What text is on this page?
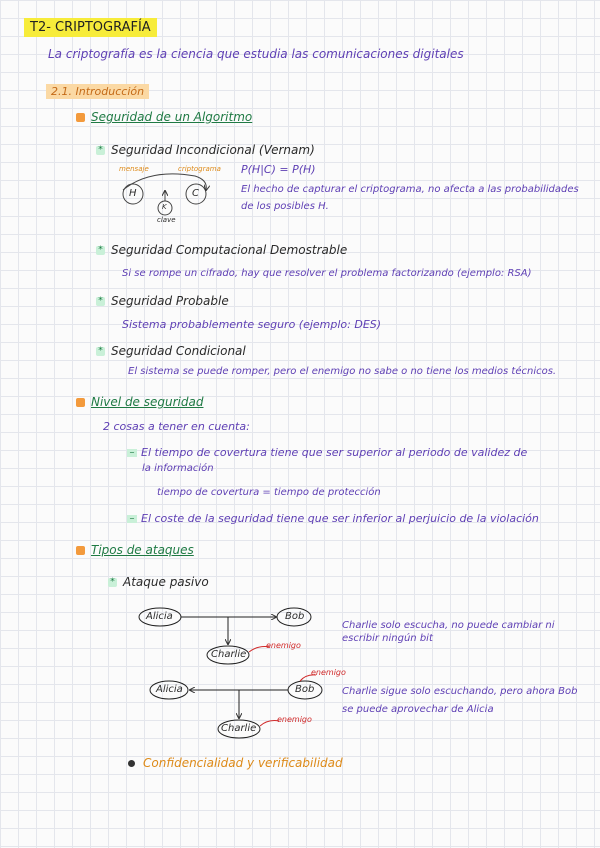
T2- CRIPTOGRAFÍA
La criptografía es la ciencia que estudia las comunicaciones digitales
2.1. Introducción
Seguridad de un Algoritmo
* Seguridad Incondicional (Vernam)
P(H|C) = P(H)
El hecho de capturar el criptograma, no afecta a las probabilidades
de los posibles H.
mensaje	criptograma
H	C
K
clave
* Seguridad Computacional Demostrable
Si se rompe un cifrado, hay que resolver el problema factorizando (ejemplo: RSA)
* Seguridad Probable
Sistema probablemente seguro (ejemplo: DES)
* Seguridad Condicional
El sistema se puede romper, pero el enemigo no sabe o no tiene los medios técnicos.
Nivel de seguridad
2 cosas a tener en cuenta:
– El tiempo de covertura tiene que ser superior al periodo de validez de
la información
tiempo de covertura = tiempo de protección
– El coste de la seguridad tiene que ser inferior al perjuicio de la violación
Tipos de ataques
* Ataque pasivo
Alicia	Bob
Charlie
enemigo
Charlie solo escucha, no puede cambiar ni
escribir ningún bit
Alicia	Bob
Charlie
enemigo
enemigo
Charlie sigue solo escuchando, pero ahora Bob
se puede aprovechar de Alicia
Confidencialidad y verificabilidad
